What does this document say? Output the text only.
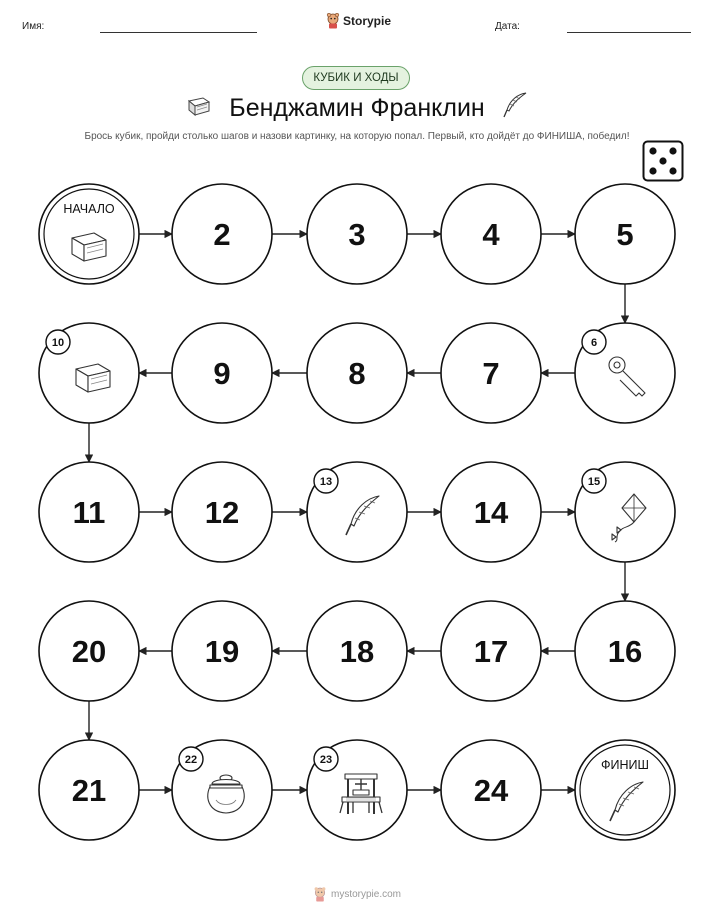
Имя:	Storypie	Дата:
КУБИК И ХОДЫ
Бенджамин Франклин
Брось кубик, пройди столько шагов и назови картинку, на которую попал. Первый, кто дойдёт до ФИНИША, победил!
НАЧАЛО
2	3	4	5
6
7
8
9
10
11	12
13
14
15
16
17
18
19
20
21
22	23
24
ФИНИШ
mystorypie.com
